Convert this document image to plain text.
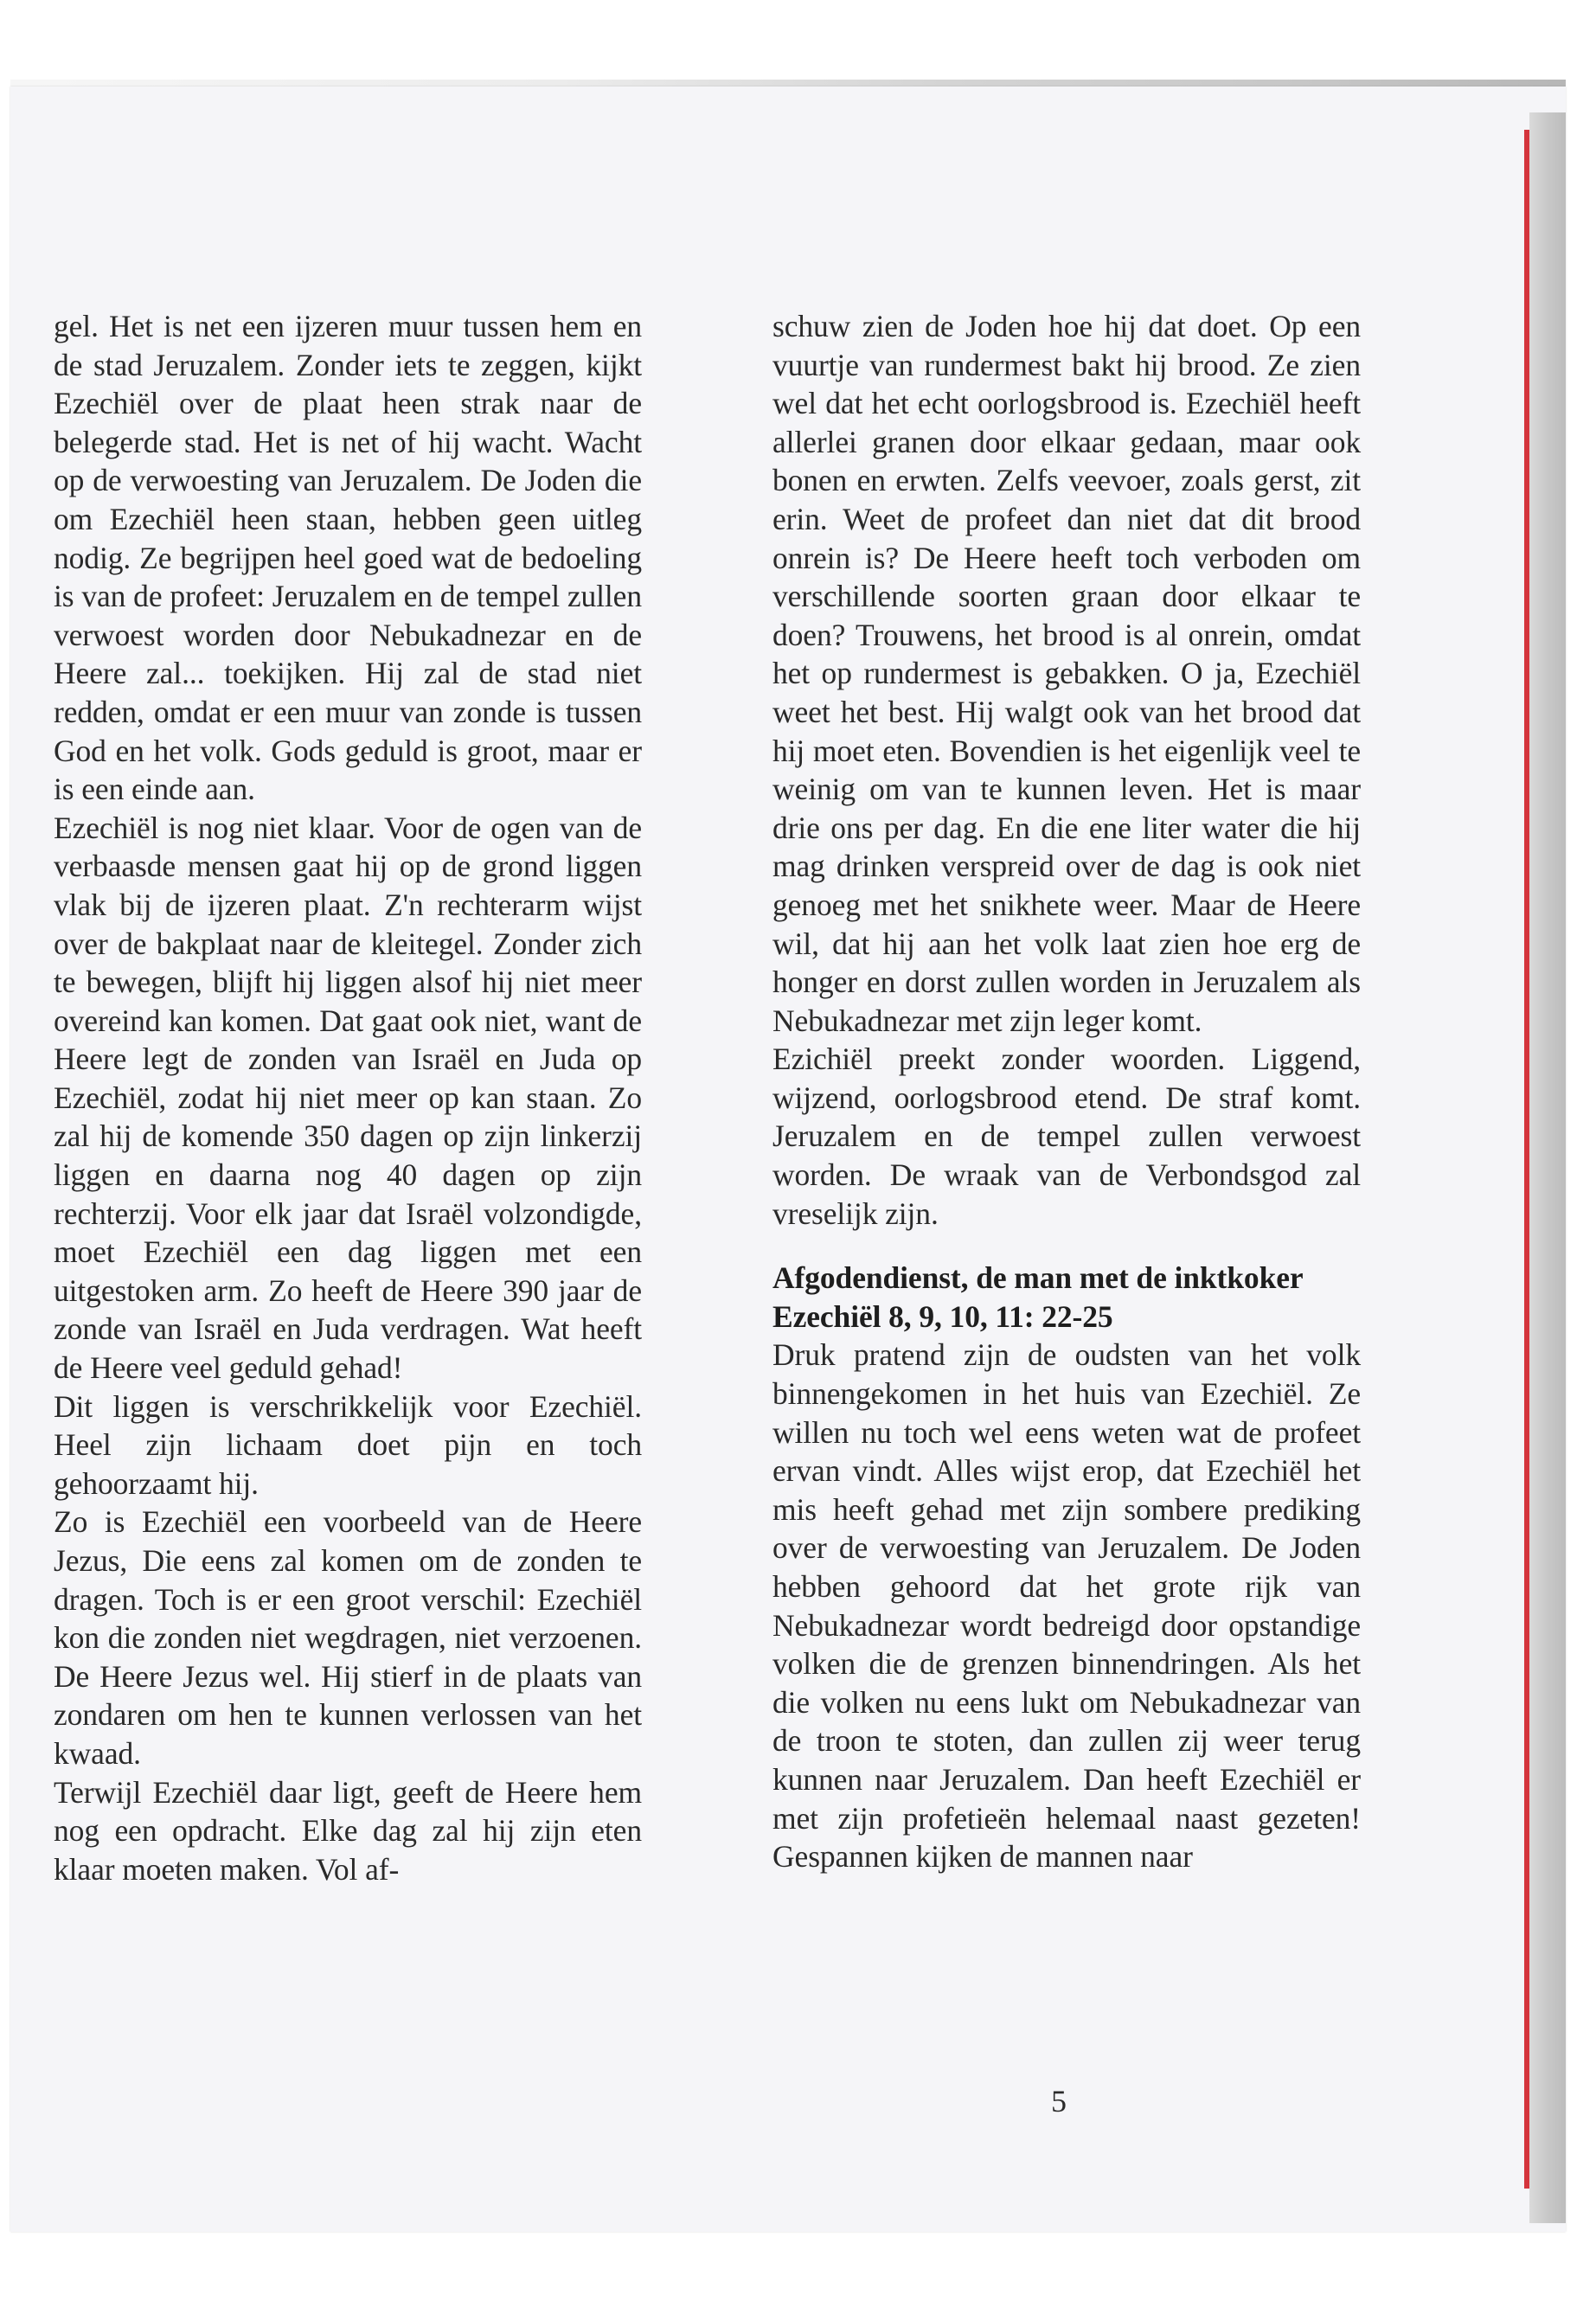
gel. Het is net een ijzeren muur tussen hem en de stad Jeruzalem. Zonder iets te zeggen, kijkt Ezechiël over de plaat heen strak naar de belegerde stad. Het is net of hij wacht. Wacht op de verwoesting van Jeruzalem. De Joden die om Ezechiël heen staan, hebben geen uitleg nodig. Ze begrijpen heel goed wat de bedoeling is van de profeet: Jeruzalem en de tempel zullen verwoest worden door Nebukadnezar en de Heere zal... toekijken. Hij zal de stad niet redden, omdat er een muur van zonde is tussen God en het volk. Gods geduld is groot, maar er is een einde aan.

Ezechiël is nog niet klaar. Voor de ogen van de verbaasde mensen gaat hij op de grond liggen vlak bij de ijzeren plaat. Z'n rechterarm wijst over de bakplaat naar de kleitegel. Zonder zich te bewegen, blijft hij liggen alsof hij niet meer overeind kan komen. Dat gaat ook niet, want de Heere legt de zonden van Israël en Juda op Ezechiël, zodat hij niet meer op kan staan. Zo zal hij de komende 350 dagen op zijn linkerzij liggen en daarna nog 40 dagen op zijn rechterzij. Voor elk jaar dat Israël volzondigde, moet Ezechiël een dag liggen met een uitgestoken arm. Zo heeft de Heere 390 jaar de zonde van Israël en Juda verdragen. Wat heeft de Heere veel geduld gehad!

Dit liggen is verschrikkelijk voor Ezechiël. Heel zijn lichaam doet pijn en toch gehoorzaamt hij.

Zo is Ezechiël een voorbeeld van de Heere Jezus, Die eens zal komen om de zonden te dragen. Toch is er een groot verschil: Ezechiël kon die zonden niet wegdragen, niet verzoenen. De Heere Jezus wel. Hij stierf in de plaats van zondaren om hen te kunnen verlossen van het kwaad.

Terwijl Ezechiël daar ligt, geeft de Heere hem nog een opdracht. Elke dag zal hij zijn eten klaar moeten maken. Vol af-

schuw zien de Joden hoe hij dat doet. Op een vuurtje van rundermest bakt hij brood. Ze zien wel dat het echt oorlogsbrood is. Ezechiël heeft allerlei granen door elkaar gedaan, maar ook bonen en erwten. Zelfs veevoer, zoals gerst, zit erin. Weet de profeet dan niet dat dit brood onrein is? De Heere heeft toch verboden om verschillende soorten graan door elkaar te doen? Trouwens, het brood is al onrein, omdat het op rundermest is gebakken. O ja, Ezechiël weet het best. Hij walgt ook van het brood dat hij moet eten. Bovendien is het eigenlijk veel te weinig om van te kunnen leven. Het is maar drie ons per dag. En die ene liter water die hij mag drinken verspreid over de dag is ook niet genoeg met het snikhete weer. Maar de Heere wil, dat hij aan het volk laat zien hoe erg de honger en dorst zullen worden in Jeruzalem als Nebukadnezar met zijn leger komt.

Ezichiël preekt zonder woorden. Liggend, wijzend, oorlogsbrood etend. De straf komt. Jeruzalem en de tempel zullen verwoest worden. De wraak van de Verbondsgod zal vreselijk zijn.

Afgodendienst, de man met de inktkoker
Ezechiël 8, 9, 10, 11: 22-25

Druk pratend zijn de oudsten van het volk binnengekomen in het huis van Ezechiël. Ze willen nu toch wel eens weten wat de profeet ervan vindt. Alles wijst erop, dat Ezechiël het mis heeft gehad met zijn sombere prediking over de verwoesting van Jeruzalem. De Joden hebben gehoord dat het grote rijk van Nebukadnezar wordt bedreigd door opstandige volken die de grenzen binnendringen. Als het die volken nu eens lukt om Nebukadnezar van de troon te stoten, dan zullen zij weer terug kunnen naar Jeruzalem. Dan heeft Ezechiël er met zijn profetieën helemaal naast gezeten! Gespannen kijken de mannen naar

5
